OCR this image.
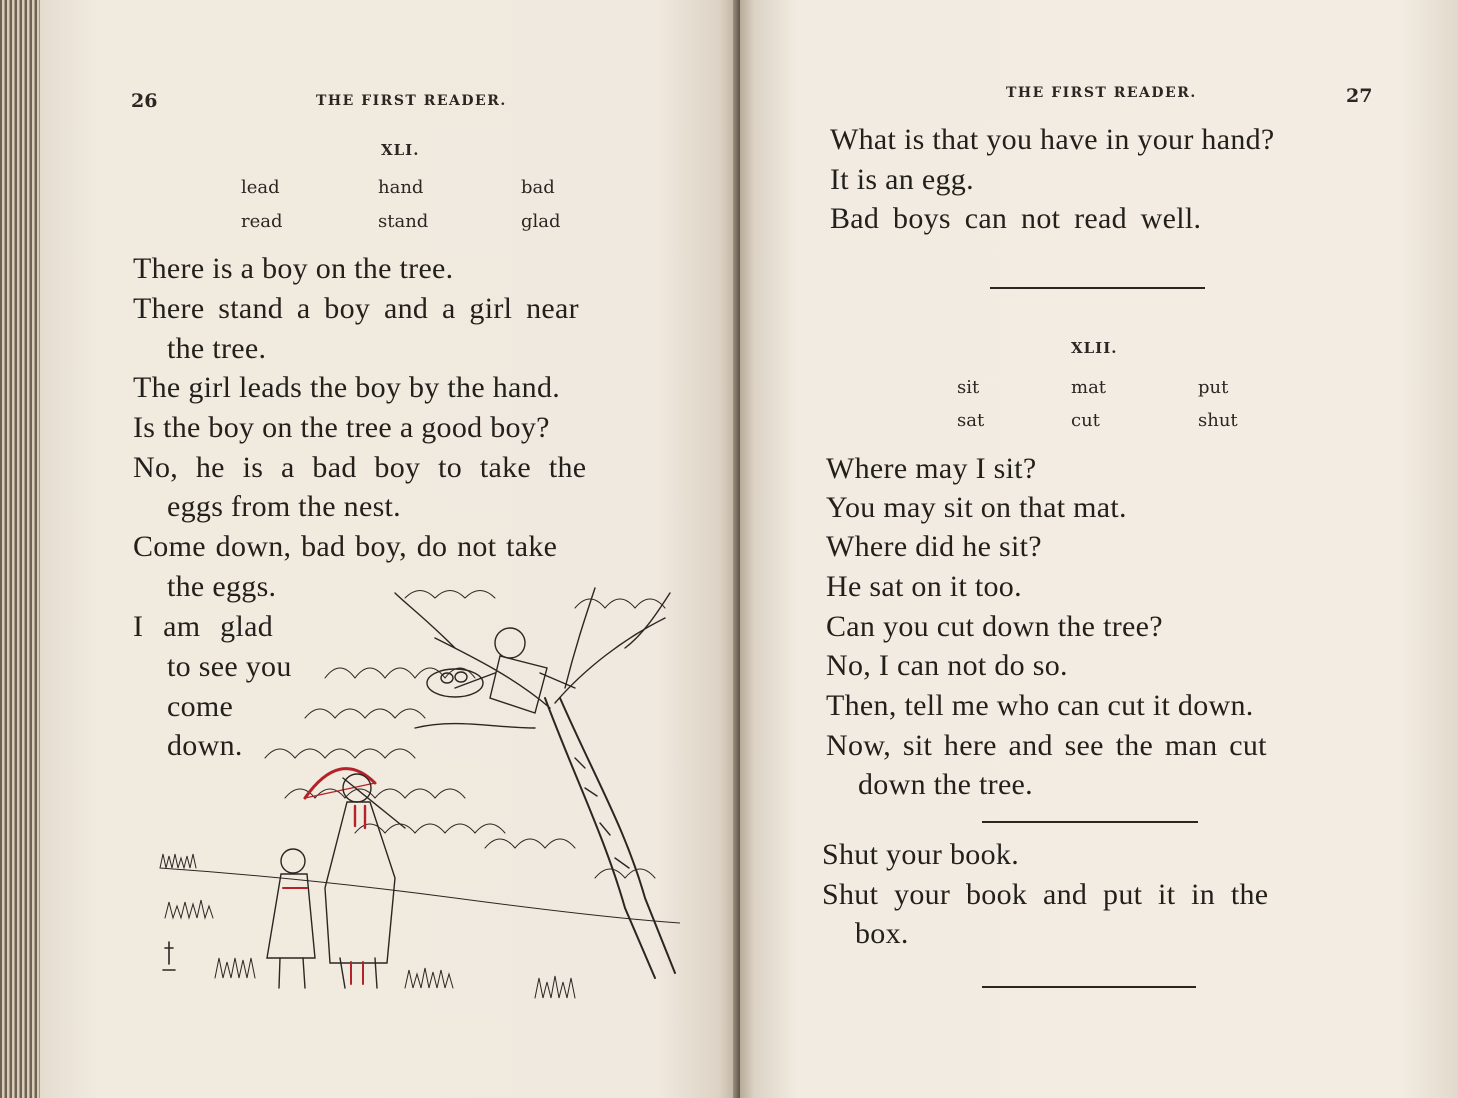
26	THE FIRST READER.
XLI.
lead	hand	bad
read	stand	glad
There is a boy on the tree.
There stand a boy and a girl near
the tree.
The girl leads the boy by the hand.
Is the boy on the tree a good boy?
No, he is a bad boy to take the
eggs from the nest.
Come down, bad boy, do not take
the eggs.
I am glad
to see you
come
down.
THE FIRST READER.	27
What is that you have in your hand?
It is an egg.
Bad boys can not read well.
XLII.
sit	mat	put
sat	cut	shut
Where may I sit?
You may sit on that mat.
Where did he sit?
He sat on it too.
Can you cut down the tree?
No, I can not do so.
Then, tell me who can cut it down.
Now, sit here and see the man cut
down the tree.
Shut your book.
Shut your book and put it in the
box.
